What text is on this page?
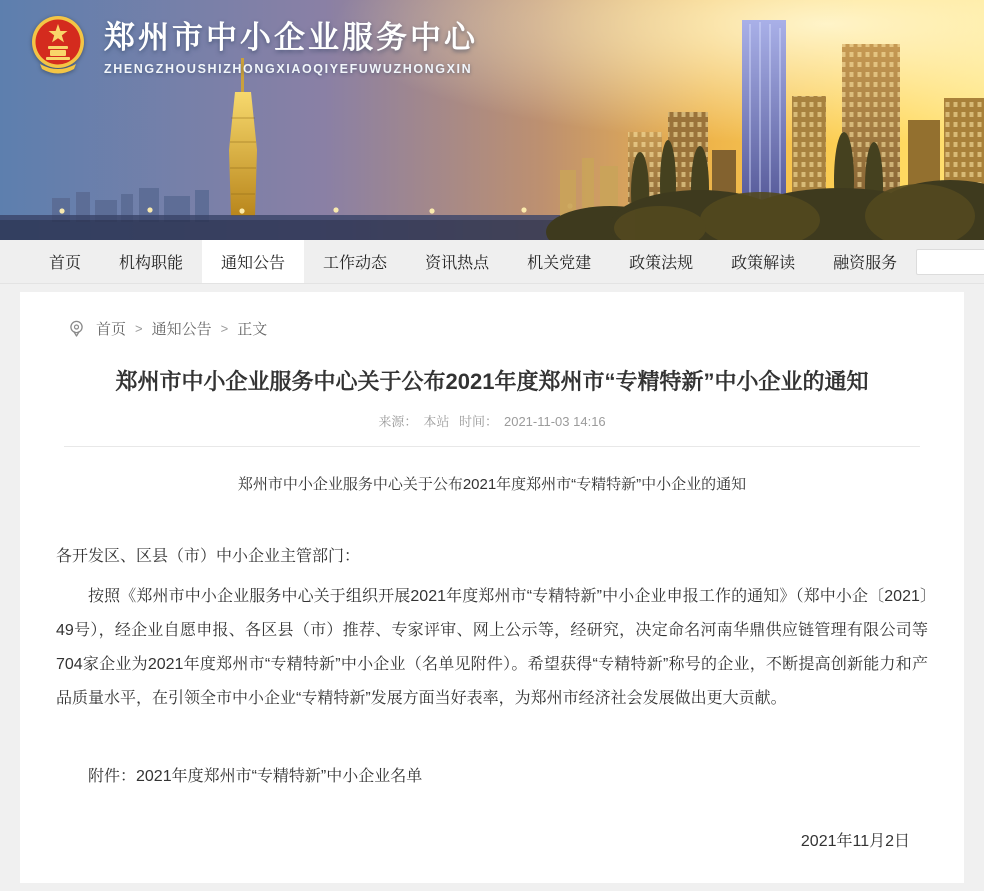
郑州市中小企业服务中心
ZHENGZHOUSHIZHONGXIAOQIYEFUWUZHONGXIN
首页	机构职能	通知公告	工作动态	资讯热点	机关党建	政策法规	政策解读	融资服务
首页 > 通知公告 > 正文
郑州市中小企业服务中心关于公布2021年度郑州市“专精特新”中小企业的通知
来源： 本站 时间： 2021-11-03 14:16

郑州市中小企业服务中心关于公布2021年度郑州市“专精特新”中小企业的通知

各开发区、区县（市）中小企业主管部门：

按照《郑州市中小企业服务中心关于组织开展2021年度郑州市“专精特新”中小企业申报工作的通知》（郑中小企〔2021〕49号），经企业自愿申报、各区县（市）推荐、专家评审、网上公示等，经研究，决定命名河南华鼎供应链管理有限公司等704家企业为2021年度郑州市“专精特新”中小企业（名单见附件）。希望获得“专精特新”称号的企业，不断提高创新能力和产品质量水平，在引领全市中小企业“专精特新”发展方面当好表率，为郑州市经济社会发展做出更大贡献。

附件：2021年度郑州市“专精特新”中小企业名单

2021年11月2日
